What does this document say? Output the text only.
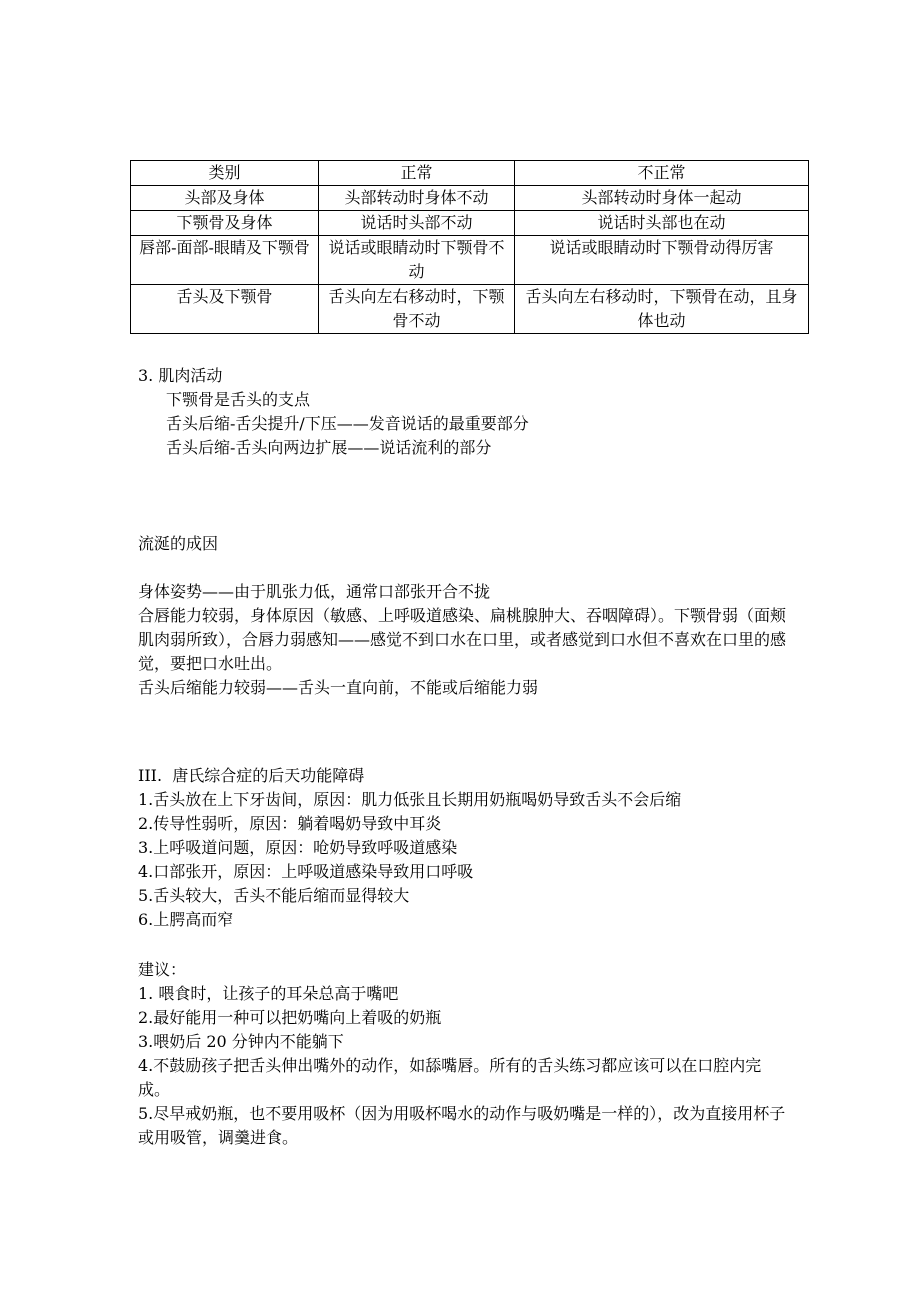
类别	正常	不正常
头部及身体	头部转动时身体不动	头部转动时身体一起动
下颚骨及身体	说话时头部不动	说话时头部也在动
唇部-面部-眼睛及下颚骨	说话或眼睛动时下颚骨不动	说话或眼睛动时下颚骨动得厉害
舌头及下颚骨	舌头向左右移动时，下颚骨不动	舌头向左右移动时，下颚骨在动，且身体也动

3. 肌肉活动

下颚骨是舌头的支点

舌头后缩-舌尖提升/下压——发音说话的最重要部分

舌头后缩-舌头向两边扩展——说话流利的部分

流涎的成因

身体姿势——由于肌张力低，通常口部张开合不拢

合唇能力较弱，身体原因（敏感、上呼吸道感染、扁桃腺肿大、吞咽障碍）。下颚骨弱（面颊肌肉弱所致），合唇力弱感知——感觉不到口水在口里，或者感觉到口水但不喜欢在口里的感觉，要把口水吐出。

舌头后缩能力较弱——舌头一直向前，不能或后缩能力弱

III.  唐氏综合症的后天功能障碍

1.舌头放在上下牙齿间，原因：肌力低张且长期用奶瓶喝奶导致舌头不会后缩

2.传导性弱听，原因：躺着喝奶导致中耳炎

3.上呼吸道问题，原因：呛奶导致呼吸道感染

4.口部张开，原因：上呼吸道感染导致用口呼吸

5.舌头较大，舌头不能后缩而显得较大

6.上腭高而窄

建议：

1. 喂食时，让孩子的耳朵总高于嘴吧

2.最好能用一种可以把奶嘴向上着吸的奶瓶

3.喂奶后 20 分钟内不能躺下

4.不鼓励孩子把舌头伸出嘴外的动作，如舔嘴唇。所有的舌头练习都应该可以在口腔内完成。

5.尽早戒奶瓶，也不要用吸杯（因为用吸杯喝水的动作与吸奶嘴是一样的），改为直接用杯子或用吸管，调羹进食。
